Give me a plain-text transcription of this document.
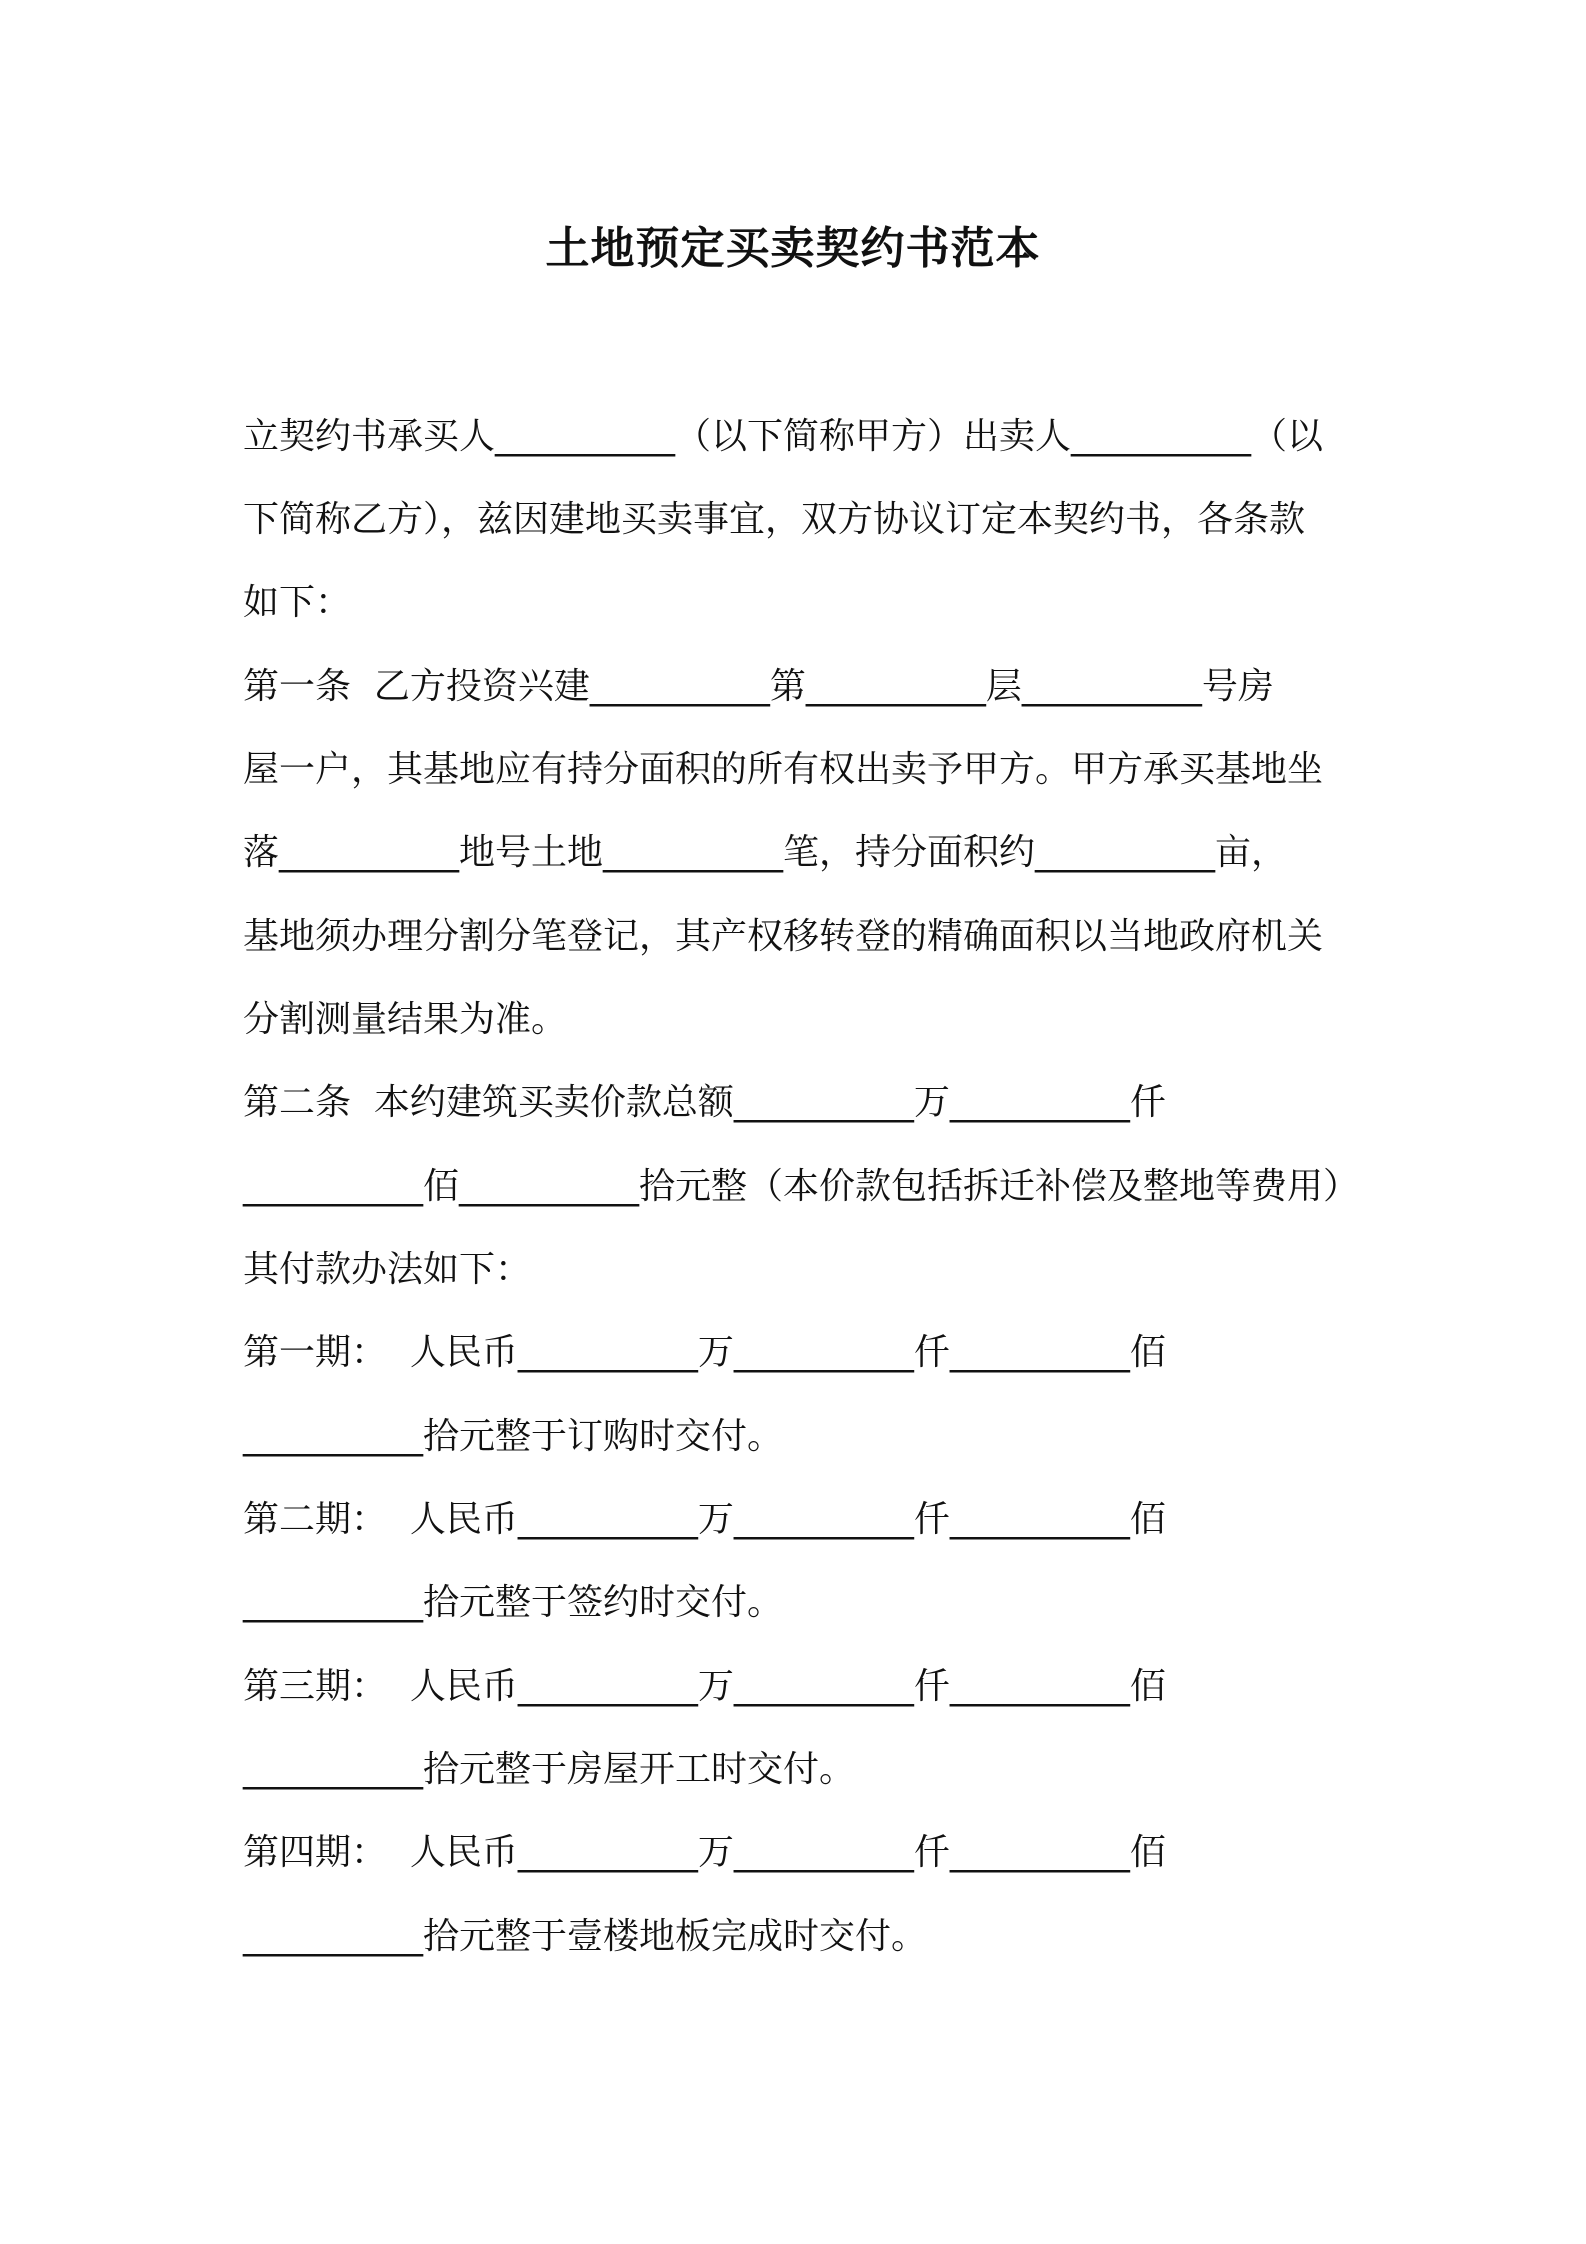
土地预定买卖契约书范本
立契约书承买人__________（以下简称甲方）出卖人__________（以
下简称乙方），兹因建地买卖事宜，双方协议订定本契约书，各条款
如下：
第一条  乙方投资兴建__________第__________层__________号房
屋一户，其基地应有持分面积的所有权出卖予甲方。甲方承买基地坐
落__________地号土地__________笔，持分面积约__________亩，
基地须办理分割分笔登记，其产权移转登的精确面积以当地政府机关
分割测量结果为准。
第二条  本约建筑买卖价款总额__________万__________仟
__________佰__________拾元整（本价款包括拆迁补偿及整地等费用）
其付款办法如下：
第一期：  人民币__________万__________仟__________佰
__________拾元整于订购时交付。
第二期：  人民币__________万__________仟__________佰
__________拾元整于签约时交付。
第三期：  人民币__________万__________仟__________佰
__________拾元整于房屋开工时交付。
第四期：  人民币__________万__________仟__________佰
__________拾元整于壹楼地板完成时交付。
